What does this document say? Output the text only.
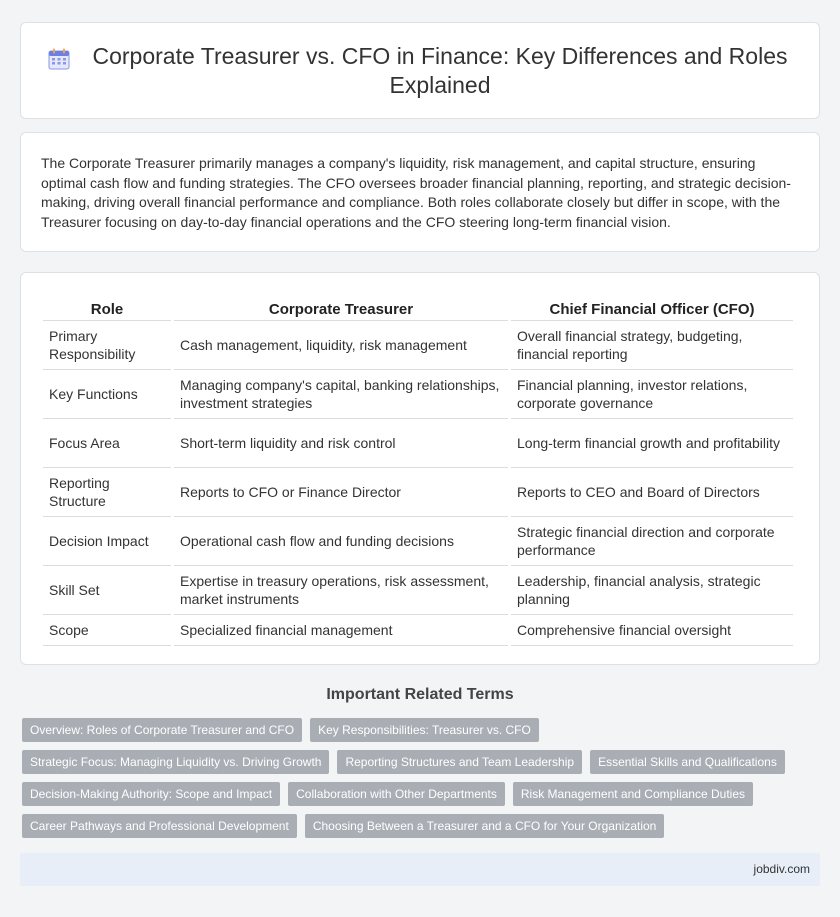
Corporate Treasurer vs. CFO in Finance: Key Differences and Roles Explained

The Corporate Treasurer primarily manages a company's liquidity, risk management, and capital structure, ensuring optimal cash flow and funding strategies. The CFO oversees broader financial planning, reporting, and strategic decision-making, driving overall financial performance and compliance. Both roles collaborate closely but differ in scope, with the Treasurer focusing on day-to-day financial operations and the CFO steering long-term financial vision.

Role	Corporate Treasurer	Chief Financial Officer (CFO)
Primary Responsibility	Cash management, liquidity, risk management	Overall financial strategy, budgeting, financial reporting
Key Functions	Managing company's capital, banking relationships, investment strategies	Financial planning, investor relations, corporate governance
Focus Area	Short-term liquidity and risk control	Long-term financial growth and profitability
Reporting Structure	Reports to CFO or Finance Director	Reports to CEO and Board of Directors
Decision Impact	Operational cash flow and funding decisions	Strategic financial direction and corporate performance
Skill Set	Expertise in treasury operations, risk assessment, market instruments	Leadership, financial analysis, strategic planning
Scope	Specialized financial management	Comprehensive financial oversight
Important Related Terms
Overview: Roles of Corporate Treasurer and CFO	Key Responsibilities: Treasurer vs. CFO
Strategic Focus: Managing Liquidity vs. Driving Growth	Reporting Structures and Team Leadership	Essential Skills and Qualifications
Decision-Making Authority: Scope and Impact	Collaboration with Other Departments	Risk Management and Compliance Duties
Career Pathways and Professional Development	Choosing Between a Treasurer and a CFO for Your Organization
jobdiv.com
